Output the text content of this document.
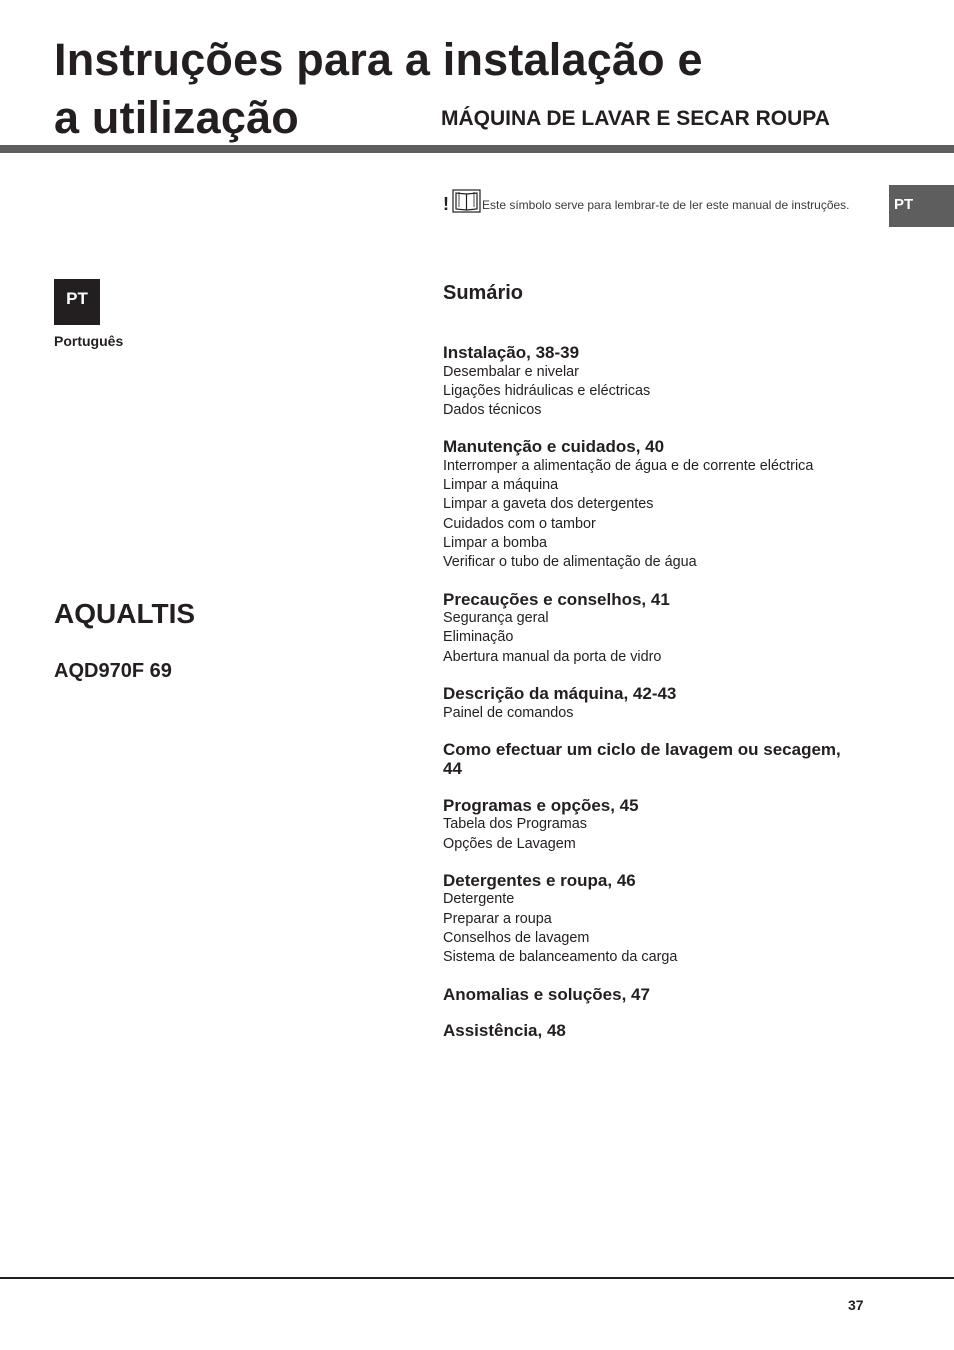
Instruções para a instalação e
a utilização	MÁQUINA DE LAVAR E SECAR ROUPA
!	Este símbolo serve para lembrar-te de ler este manual de instruções.	PT
PT
Português
AQUALTIS
AQD970F 69
Sumário
Instalação, 38-39
Desembalar e nivelar
Ligações hidráulicas e eléctricas
Dados técnicos
Manutenção e cuidados, 40
Interromper a alimentação de água e de corrente eléctrica
Limpar a máquina
Limpar a gaveta dos detergentes
Cuidados com o tambor
Limpar a bomba
Verificar o tubo de alimentação de água
Precauções e conselhos, 41
Segurança geral
Eliminação
Abertura manual da porta de vidro
Descrição da máquina, 42-43
Painel de comandos
Como efectuar um ciclo de lavagem ou secagem, 44
Programas e opções, 45
Tabela dos Programas
Opções de Lavagem
Detergentes e roupa, 46
Detergente
Preparar a roupa
Conselhos de lavagem
Sistema de balanceamento da carga
Anomalias e soluções, 47
Assistência, 48
37
